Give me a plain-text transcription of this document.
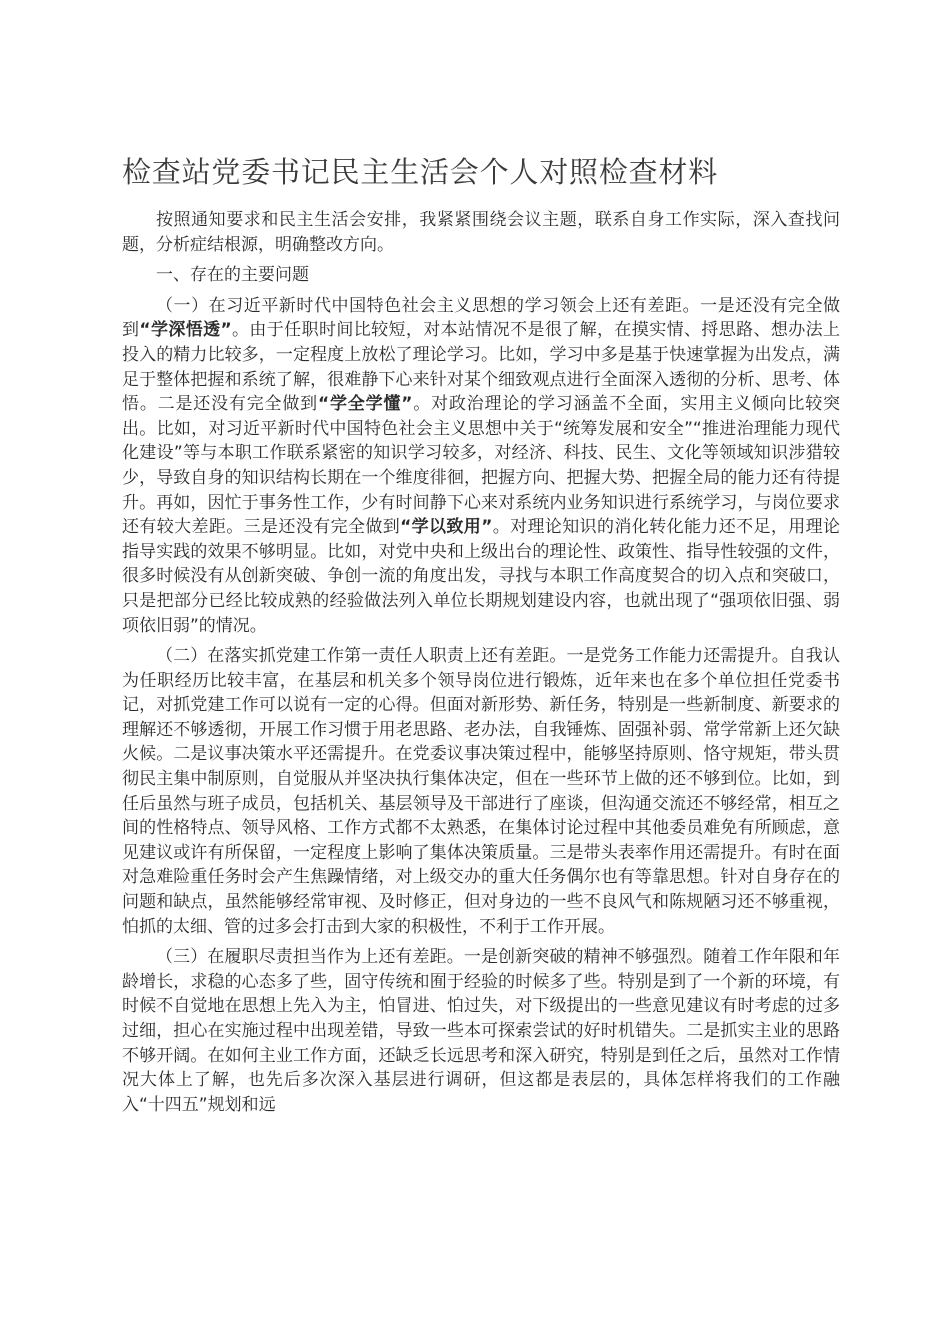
检查站党委书记民主生活会个人对照检查材料

按照通知要求和民主生活会安排，我紧紧围绕会议主题，联系自身工作实际，深入查找问题，分析症结根源，明确整改方向。

一、存在的主要问题

（一）在习近平新时代中国特色社会主义思想的学习领会上还有差距。一是还没有完全做到“学深悟透”。由于任职时间比较短，对本站情况不是很了解，在摸实情、捋思路、想办法上投入的精力比较多，一定程度上放松了理论学习。比如，学习中多是基于快速掌握为出发点，满足于整体把握和系统了解，很难静下心来针对某个细致观点进行全面深入透彻的分析、思考、体悟。二是还没有完全做到“学全学懂”。对政治理论的学习涵盖不全面，实用主义倾向比较突出。比如，对习近平新时代中国特色社会主义思想中关于“统筹发展和安全”“推进治理能力现代化建设”等与本职工作联系紧密的知识学习较多，对经济、科技、民生、文化等领域知识涉猎较少，导致自身的知识结构长期在一个维度徘徊，把握方向、把握大势、把握全局的能力还有待提升。再如，因忙于事务性工作，少有时间静下心来对系统内业务知识进行系统学习，与岗位要求还有较大差距。三是还没有完全做到“学以致用”。对理论知识的消化转化能力还不足，用理论指导实践的效果不够明显。比如，对党中央和上级出台的理论性、政策性、指导性较强的文件，很多时候没有从创新突破、争创一流的角度出发，寻找与本职工作高度契合的切入点和突破口，只是把部分已经比较成熟的经验做法列入单位长期规划建设内容，也就出现了“强项依旧强、弱项依旧弱”的情况。

（二）在落实抓党建工作第一责任人职责上还有差距。一是党务工作能力还需提升。自我认为任职经历比较丰富，在基层和机关多个领导岗位进行锻炼，近年来也在多个单位担任党委书记，对抓党建工作可以说有一定的心得。但面对新形势、新任务，特别是一些新制度、新要求的理解还不够透彻，开展工作习惯于用老思路、老办法，自我锤炼、固强补弱、常学常新上还欠缺火候。二是议事决策水平还需提升。在党委议事决策过程中，能够坚持原则、恪守规矩，带头贯彻民主集中制原则，自觉服从并坚决执行集体决定，但在一些环节上做的还不够到位。比如，到任后虽然与班子成员，包括机关、基层领导及干部进行了座谈，但沟通交流还不够经常，相互之间的性格特点、领导风格、工作方式都不太熟悉，在集体讨论过程中其他委员难免有所顾虑，意见建议或许有所保留，一定程度上影响了集体决策质量。三是带头表率作用还需提升。有时在面对急难险重任务时会产生焦躁情绪，对上级交办的重大任务偶尔也有等靠思想。针对自身存在的问题和缺点，虽然能够经常审视、及时修正，但对身边的一些不良风气和陈规陋习还不够重视，怕抓的太细、管的过多会打击到大家的积极性，不利于工作开展。

（三）在履职尽责担当作为上还有差距。一是创新突破的精神不够强烈。随着工作年限和年龄增长，求稳的心态多了些，固守传统和囿于经验的时候多了些。特别是到了一个新的环境，有时候不自觉地在思想上先入为主，怕冒进、怕过失，对下级提出的一些意见建议有时考虑的过多过细，担心在实施过程中出现差错，导致一些本可探索尝试的好时机错失。二是抓实主业的思路不够开阔。在如何主业工作方面，还缺乏长远思考和深入研究，特别是到任之后，虽然对工作情况大体上了解，也先后多次深入基层进行调研，但这都是表层的，具体怎样将我们的工作融入“十四五”规划和远
